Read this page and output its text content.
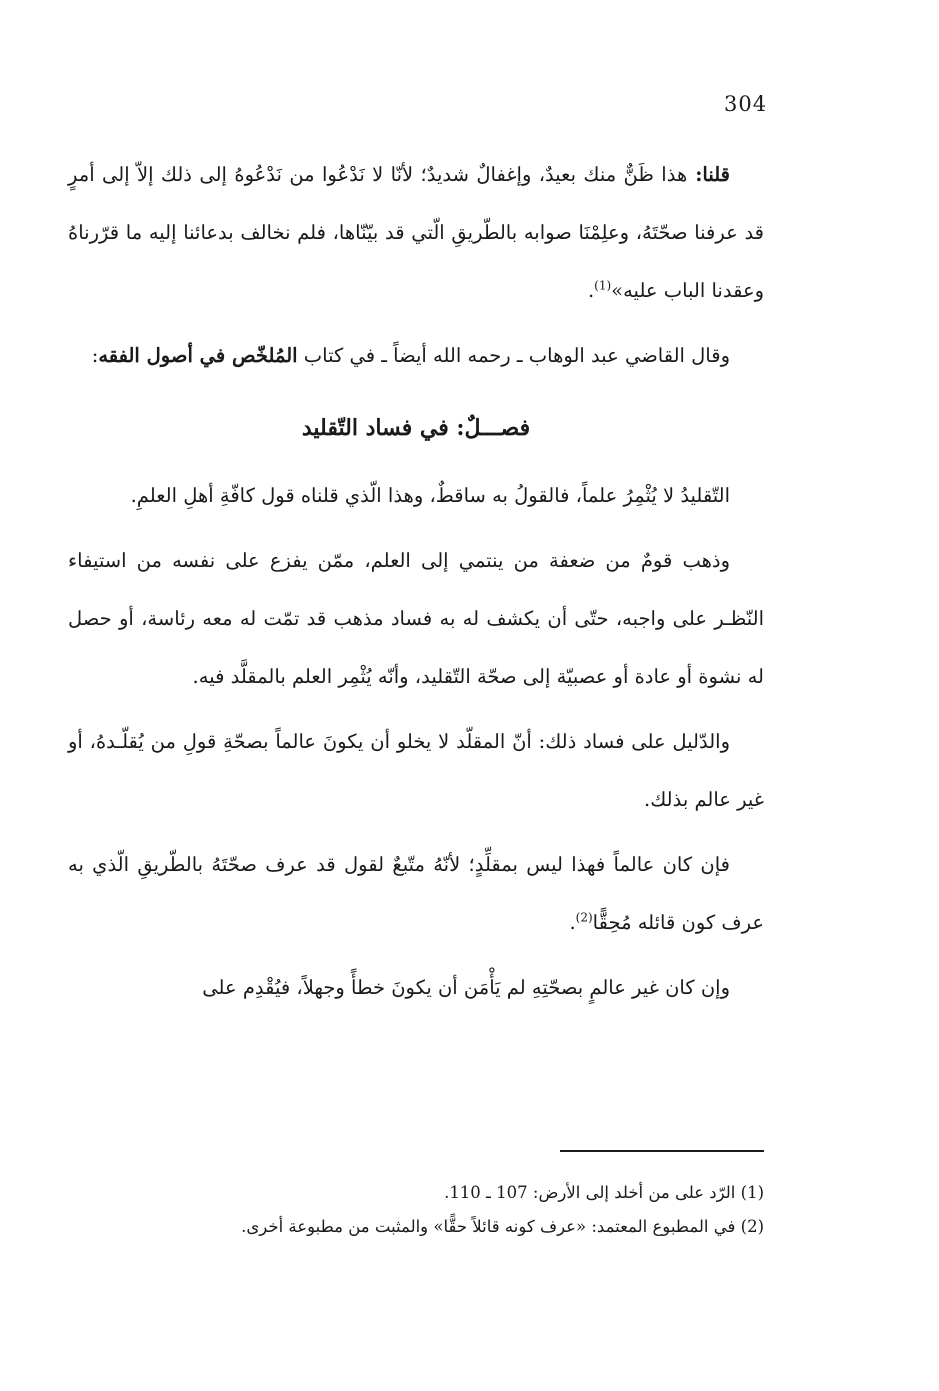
304

قلنا: هذا ظَنٌّ منك بعيدٌ، وإغفالٌ شديدٌ؛ لأنّا لا نَدْعُوا من نَدْعُوهُ إلى ذلك إلاّ إلى أمرٍ قد عرفنا صحّتَهُ، وعلِمْنَا صوابه بالطّريقِ الّتي قد بيّنّاها، فلم نخالف بدعائنا إليه ما قرّرناهُ وعقدنا الباب عليه»$^{(1)}$.

وقال القاضي عبد الوهاب ـ رحمه الله أيضاً ـ في كتاب المُلخّص في أصول الفقه:

فصـــلٌ: في فساد التّقليد

التّقليدُ لا يُثْمِرُ علماً، فالقولُ به ساقطٌ، وهذا الّذي قلناه قول كافّةِ أهلِ العلمِ.

وذهب قومٌ من ضعفة من ينتمي إلى العلم، ممّن يفزع على نفسه من استيفاء النّظـر على واجبه، حتّى أن يكشف له به فساد مذهب قد تمّت له معه رئاسة، أو حصل له نشوة أو عادة أو عصبيّة إلى صحّة التّقليد، وأنّه يُثْمِر العلم بالمقلَّد فيه.

والدّليل على فساد ذلك: أنّ المقلّد لا يخلو أن يكونَ عالماً بصحّةِ قولِ من يُقلّـدهُ، أو غير عالم بذلك.

فإن كان عالماً فهذا ليس بمقلِّدٍ؛ لأنّهُ متّبعٌ لقول قد عرف صحّتَهُ بالطّريقِ الّذي به عرف كون قائله مُحِقًّا$^{(2)}$.

وإن كان غير عالمٍ بصحّتِهِ لم يَأْمَن أن يكونَ خطأً وجهلاً، فيُقْدِم على

(1) الرّد على من أخلد إلى الأرض: 107 ـ 110.
(2) في المطبوع المعتمد: «عرف كونه قائلاً حقًّا» والمثبت من مطبوعة أخرى.
